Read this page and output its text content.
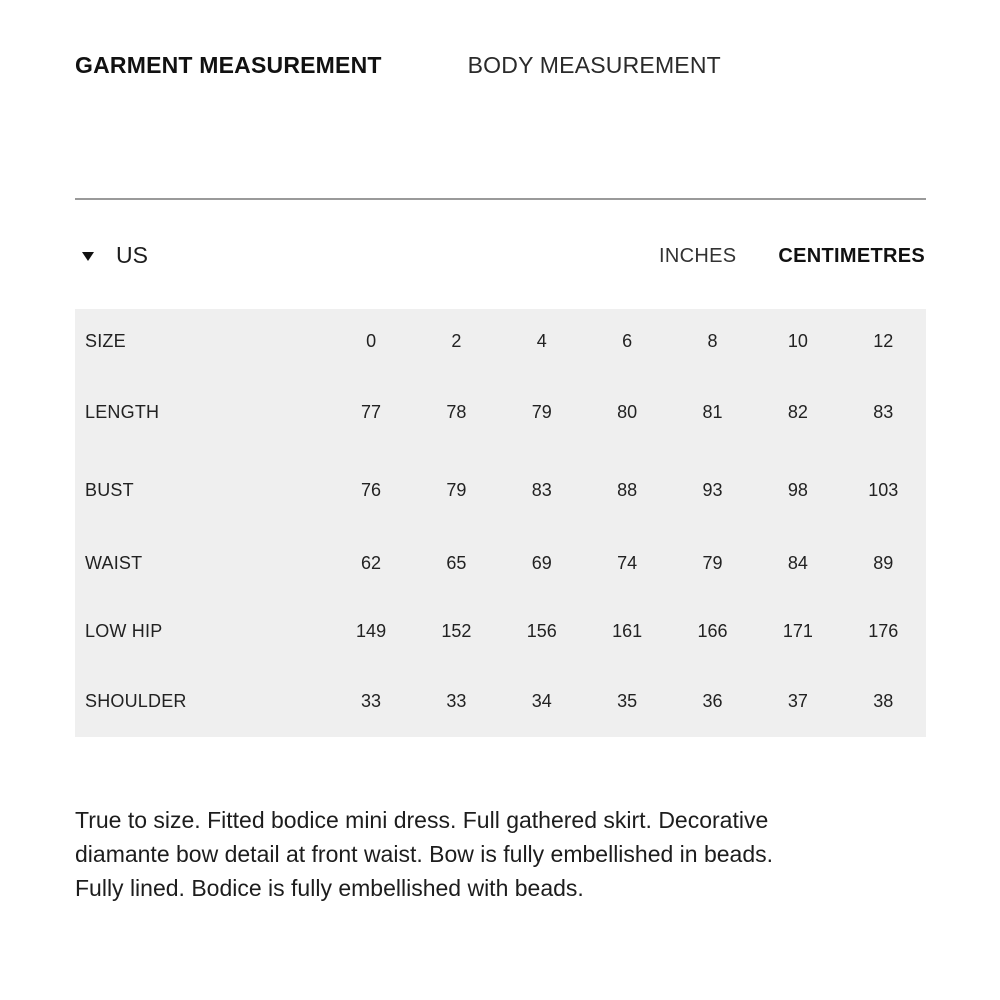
GARMENT MEASUREMENT	BODY MEASUREMENT
US	INCHES CENTIMETRES
SIZE	0	2	4	6	8	10	12
LENGTH	77	78	79	80	81	82	83
BUST	76	79	83	88	93	98	103
WAIST	62	65	69	74	79	84	89
LOW HIP	149	152	156	161	166	171	176
SHOULDER	33	33	34	35	36	37	38

True to size. Fitted bodice mini dress. Full gathered skirt. Decorative diamante bow detail at front waist. Bow is fully embellished in beads. Fully lined. Bodice is fully embellished with beads.
